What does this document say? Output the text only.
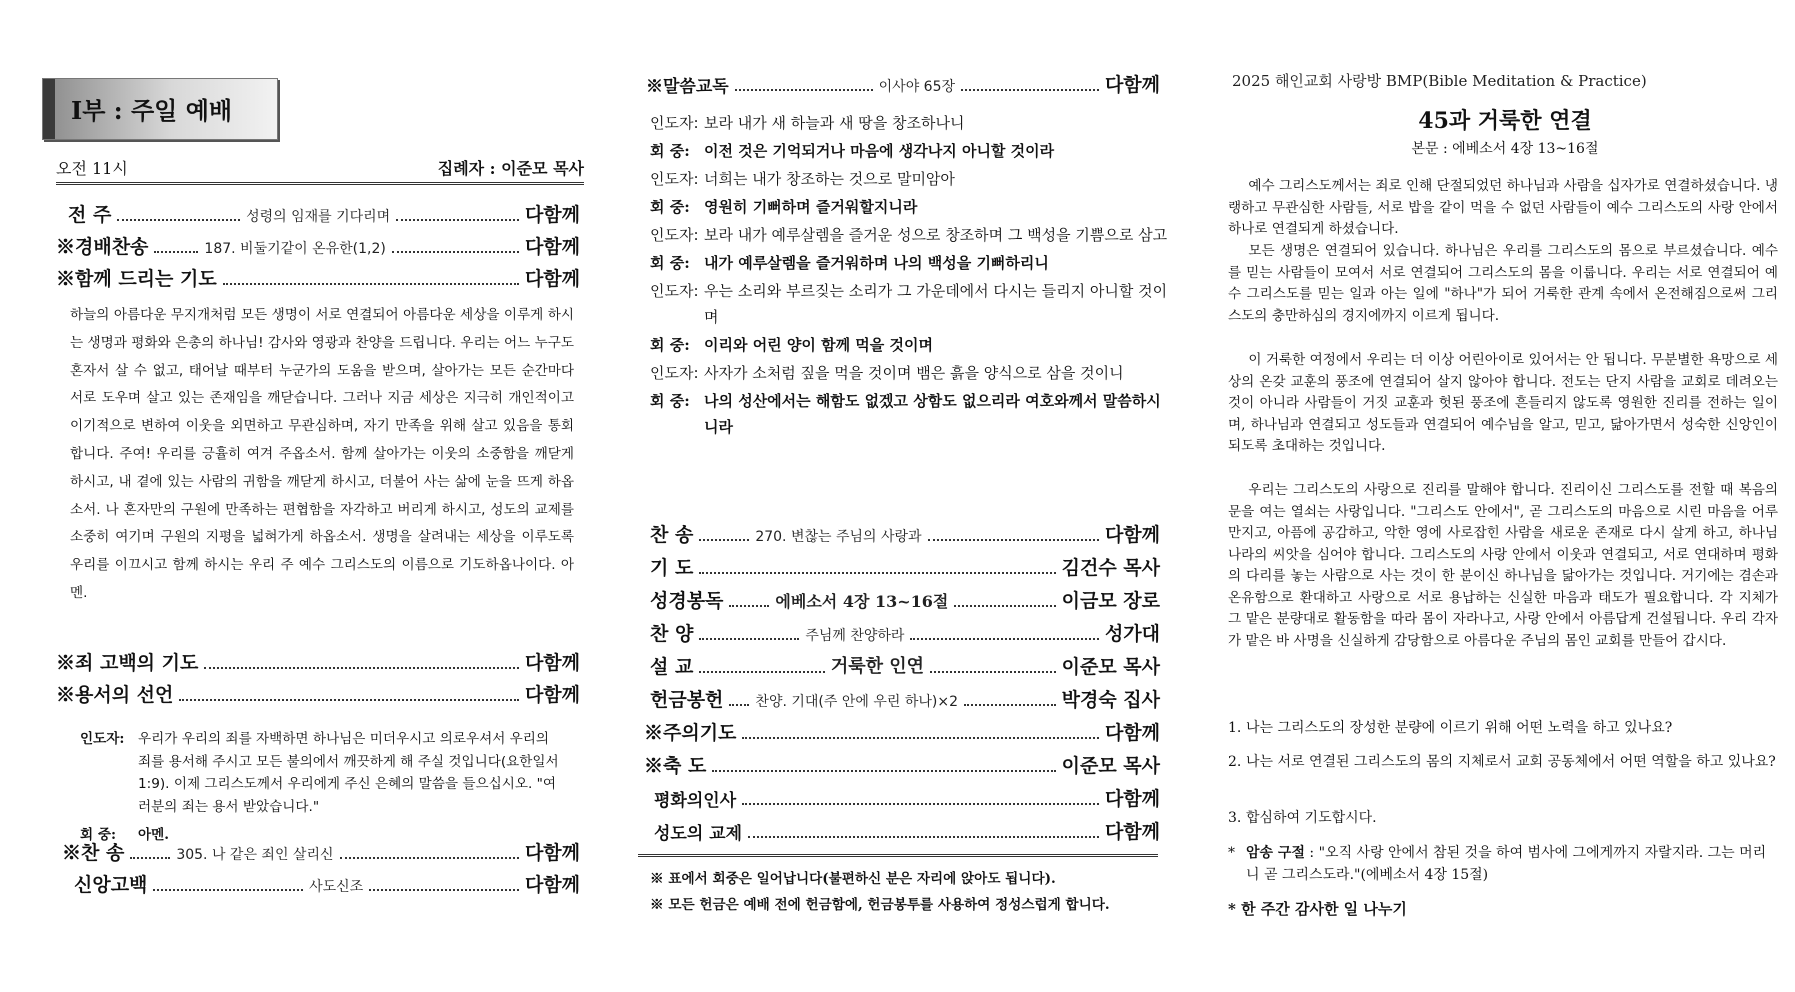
I부 : 주일 예배
오전 11시	집례자 : 이준모 목사
전 주	성령의 임재를 기다리며	다함께
※경배찬송	187. 비둘기같이 온유한(1,2)	다함께
※함께 드리는 기도	다함께

하늘의 아름다운 무지개처럼 모든 생명이 서로 연결되어 아름다운 세상을 이루게 하시는 생명과 평화와 은총의 하나님! 감사와 영광과 찬양을 드립니다. 우리는 어느 누구도 혼자서 살 수 없고, 태어날 때부터 누군가의 도움을 받으며, 살아가는 모든 순간마다 서로 도우며 살고 있는 존재임을 깨닫습니다. 그러나 지금 세상은 지극히 개인적이고 이기적으로 변하여 이웃을 외면하고 무관심하며, 자기 만족을 위해 살고 있음을 통회합니다. 주여! 우리를 긍휼히 여겨 주옵소서. 함께 살아가는 이웃의 소중함을 깨닫게 하시고, 내 곁에 있는 사람의 귀함을 깨닫게 하시고, 더불어 사는 삶에 눈을 뜨게 하옵소서. 나 혼자만의 구원에 만족하는 편협함을 자각하고 버리게 하시고, 성도의 교제를 소중히 여기며 구원의 지평을 넓혀가게 하옵소서. 생명을 살려내는 세상을 이루도록 우리를 이끄시고 함께 하시는 우리 주 예수 그리스도의 이름으로 기도하옵나이다. 아멘.

※죄 고백의 기도	다함께
※용서의 선언	다함께
인도자: 우리가 우리의 죄를 자백하면 하나님은 미더우시고 의로우셔서 우리의 죄를 용서해 주시고 모든 불의에서 깨끗하게 해 주실 것입니다(요한일서 1:9). 이제 그리스도께서 우리에게 주신 은혜의 말씀을 들으십시오. "여러분의 죄는 용서 받았습니다."
회 중:	아멘.
※찬 송	305. 나 같은 죄인 살리신	다함께
신앙고백	사도신조	다함께
※말씀교독	이사야 65장	다함께
인도자: 보라 내가 새 하늘과 새 땅을 창조하나니
회 중: 이전 것은 기억되거나 마음에 생각나지 아니할 것이라
인도자: 너희는 내가 창조하는 것으로 말미암아
회 중: 영원히 기뻐하며 즐거워할지니라
인도자: 보라 내가 예루살렘을 즐거운 성으로 창조하며 그 백성을 기쁨으로 삼고
회 중: 내가 예루살렘을 즐거워하며 나의 백성을 기뻐하리니
인도자: 우는 소리와 부르짖는 소리가 그 가운데에서 다시는 들리지 아니할 것이며
회 중: 이리와 어린 양이 함께 먹을 것이며
인도자: 사자가 소처럼 짚을 먹을 것이며 뱀은 흙을 양식으로 삼을 것이니
회 중: 나의 성산에서는 해함도 없겠고 상함도 없으리라 여호와께서 말씀하시니라
찬 송	270. 변찮는 주님의 사랑과	다함께
기 도	김건수 목사
성경봉독	에베소서 4장 13~16절	이금모 장로
찬 양	주님께 찬양하라	성가대
설 교	거룩한 인연	이준모 목사
헌금봉헌 찬양. 기대(주 안에 우린 하나)×2	박경숙 집사
※주의기도	다함께
※축 도	이준모 목사
평화의인사	다함께
성도의 교제	다함께
※ 표에서 회중은 일어납니다(불편하신 분은 자리에 앉아도 됩니다).
※ 모든 헌금은 예배 전에 헌금함에, 헌금봉투를 사용하여 정성스럽게 합니다.
2025 해인교회 사랑방 BMP(Bible Meditation & Practice)
45과 거룩한 연결
본문 : 에베소서 4장 13~16절
예수 그리스도께서는 죄로 인해 단절되었던 하나님과 사람을 십자가로 연결하셨습니다. 냉랭하고 무관심한 사람들, 서로 밥을 같이 먹을 수 없던 사람들이 예수 그리스도의 사랑 안에서 하나로 연결되게 하셨습니다.
모든 생명은 연결되어 있습니다. 하나님은 우리를 그리스도의 몸으로 부르셨습니다. 예수를 믿는 사람들이 모여서 서로 연결되어 그리스도의 몸을 이룹니다. 우리는 서로 연결되어 예수 그리스도를 믿는 일과 아는 일에 "하나"가 되어 거룩한 관계 속에서 온전해짐으로써 그리스도의 충만하심의 경지에까지 이르게 됩니다.
이 거룩한 여정에서 우리는 더 이상 어린아이로 있어서는 안 됩니다. 무분별한 욕망으로 세상의 온갖 교훈의 풍조에 연결되어 살지 않아야 합니다. 전도는 단지 사람을 교회로 데려오는 것이 아니라 사람들이 거짓 교훈과 헛된 풍조에 흔들리지 않도록 영원한 진리를 전하는 일이며, 하나님과 연결되고 성도들과 연결되어 예수님을 알고, 믿고, 닮아가면서 성숙한 신앙인이 되도록 초대하는 것입니다.
우리는 그리스도의 사랑으로 진리를 말해야 합니다. 진리이신 그리스도를 전할 때 복음의 문을 여는 열쇠는 사랑입니다. "그리스도 안에서", 곧 그리스도의 마음으로 시린 마음을 어루만지고, 아픔에 공감하고, 악한 영에 사로잡힌 사람을 새로운 존재로 다시 살게 하고, 하나님 나라의 씨앗을 심어야 합니다. 그리스도의 사랑 안에서 이웃과 연결되고, 서로 연대하며 평화의 다리를 놓는 사람으로 사는 것이 한 분이신 하나님을 닮아가는 것입니다. 거기에는 겸손과 온유함으로 환대하고 사랑으로 서로 용납하는 신실한 마음과 태도가 필요합니다. 각 지체가 그 맡은 분량대로 활동함을 따라 몸이 자라나고, 사랑 안에서 아름답게 건설됩니다. 우리 각자가 맡은 바 사명을 신실하게 감당함으로 아름다운 주님의 몸인 교회를 만들어 갑시다.
1. 나는 그리스도의 장성한 분량에 이르기 위해 어떤 노력을 하고 있나요?
2. 나는 서로 연결된 그리스도의 몸의 지체로서 교회 공동체에서 어떤 역할을 하고 있나요?
3. 합심하여 기도합시다.
* 암송 구절 : "오직 사랑 안에서 참된 것을 하여 범사에 그에게까지 자랄지라. 그는 머리니 곧 그리스도라."(에베소서 4장 15절)
* 한 주간 감사한 일 나누기
